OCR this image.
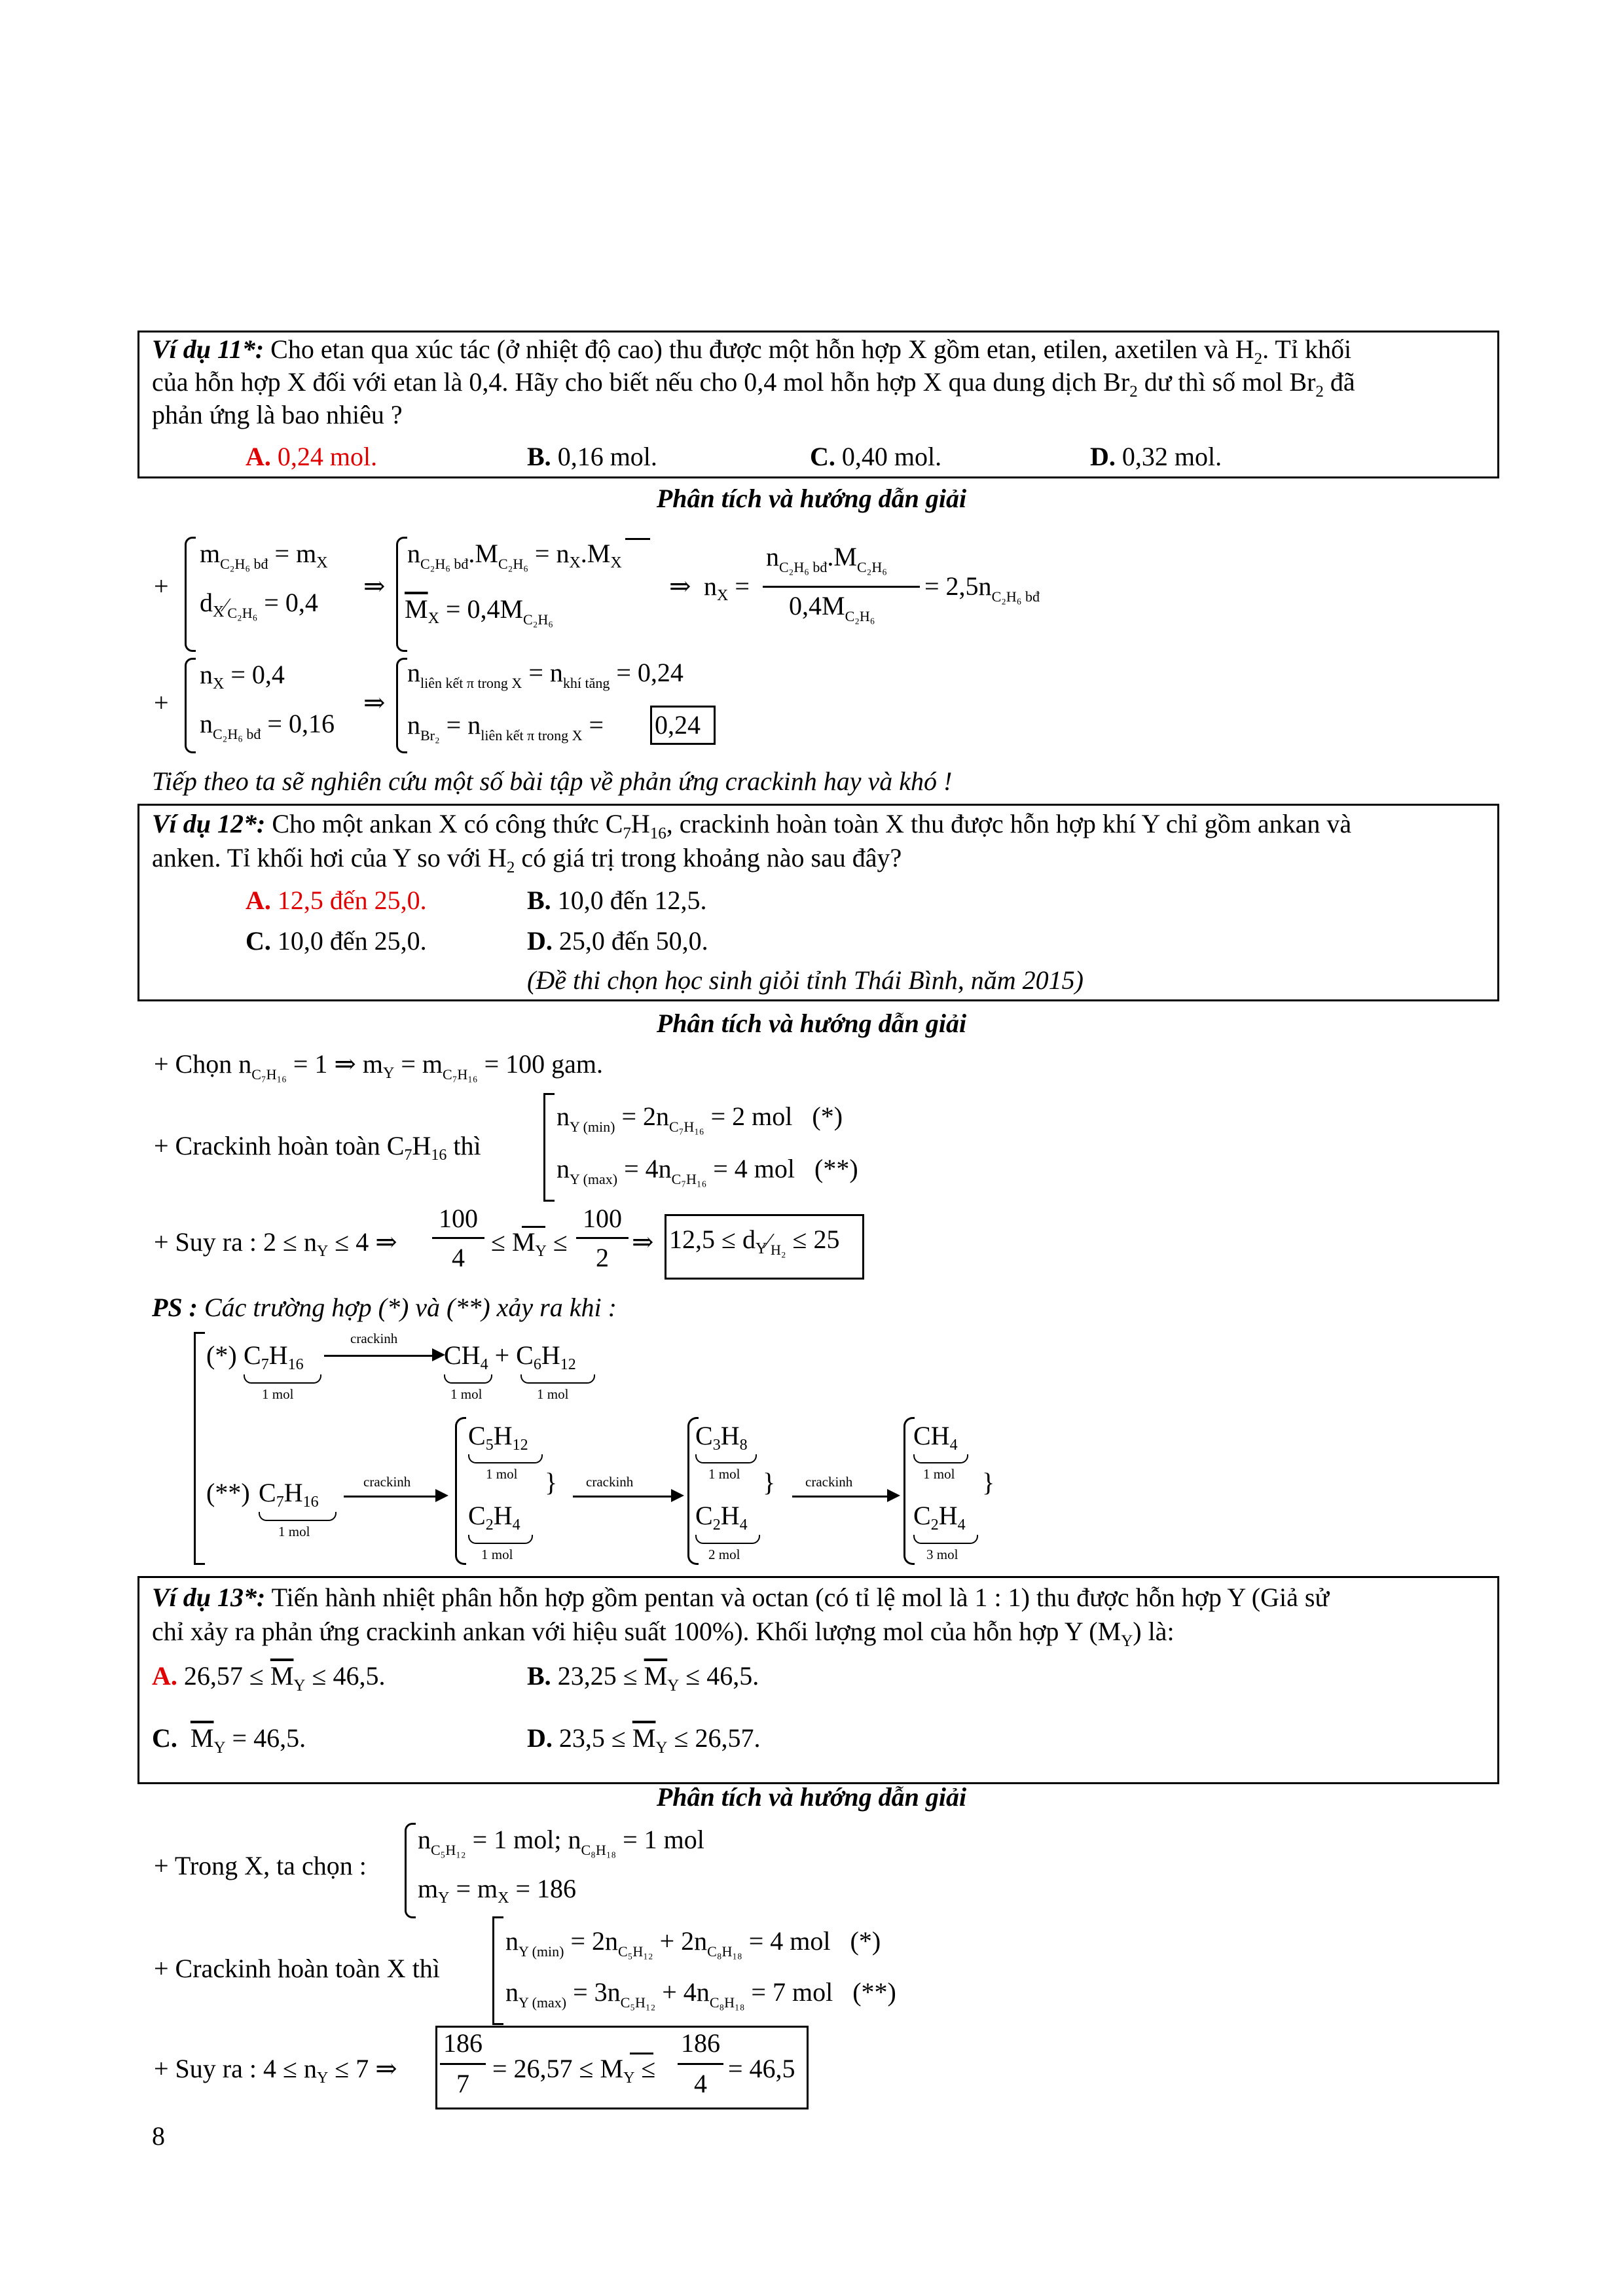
Ví dụ 11*: Cho etan qua xúc tác (ở nhiệt độ cao) thu được một hỗn hợp X gồm etan, etilen, axetilen và $H_2$. Tỉ khối
của hỗn hợp X đối với etan là 0,4. Hãy cho biết nếu cho 0,4 mol hỗn hợp X qua dung dịch $Br_2$ dư thì số mol $Br_2$ đã
phản ứng là bao nhiêu ?
A. 0,24 mol.	B. 0,16 mol.	C. 0,40 mol.	D. 0,32 mol.
Phân tích và hướng dẫn giải
+
$m_{C_2H_6 bđ} = m_X$
$d_X⁄_{C_2H_6} = 0,4$
⇒
$n_{C_2H_6 bđ}.M_{C_2H_6} = n_X.M_X$
$\overline{M}_X = 0,4M_{C_2H_6}$
⇒ $n_X$ =
$n_{C_2H_6 bđ}.M_{C_2H_6}$
$0,4M_{C_2H_6}$
= $2,5n_{C_2H_6 bđ}$
+
$n_X = 0,4$
$n_{C_2H_6 bđ} = 0,16$
⇒
$n_{liên kết \pi trong X} = n_{khí tăng} = 0,24$
$n_{Br_2} = n_{liên kết \pi trong X} = 0,24$
Tiếp theo ta sẽ nghiên cứu một số bài tập về phản ứng crackinh hay và khó !
Ví dụ 12*: Cho một ankan X có công thức $C_7H_{16}$, crackinh hoàn toàn X thu được hỗn hợp khí Y chỉ gồm ankan và
anken. Tỉ khối hơi của Y so với $H_2$ có giá trị trong khoảng nào sau đây?
A. 12,5 đến 25,0.	B. 10,0 đến 12,5.
C. 10,0 đến 25,0.	D. 25,0 đến 50,0.
(Đề thi chọn học sinh giỏi tỉnh Thái Bình, năm 2015)
Phân tích và hướng dẫn giải
+ Chọn $n_{C_7H_{16}} = 1$ ⇒ $m_Y = m_{C_7H_{16}} = 100$ gam.
+ Crackinh hoàn toàn $C_7H_{16}$ thì
$n_{Y (min)} = 2n_{C_7H_{16}} = 2$ mol (*)
$n_{Y (max)} = 4n_{C_7H_{16}} = 4$ mol (**)
+ Suy ra : $2 \le n_Y \le 4$ ⇒
100
4
≤ $M_Y$ ≤
100
2
⇒ $12,5 \le d_Y⁄_{H_2} \le 25$
PS : Các trường hợp (*) và (**) xảy ra khi :
(*) $C_7H_{16}$
1 mol
crackinh
$CH_4 + C_6H_{12}$
1 mol	1 mol
(**) $C_7H_{16}$
1 mol
crackinh
$C_5H_{12}$
1 mol
$C_2H_4$
1 mol
} crackinh
$C_3H_8$
1 mol
$C_2H_4$
2 mol
} crackinh
$CH_4$
1 mol
$C_2H_4$
3 mol
}
Ví dụ 13*: Tiến hành nhiệt phân hỗn hợp gồm pentan và octan (có tỉ lệ mol là 1 : 1) thu được hỗn hợp Y (Giả sử
chỉ xảy ra phản ứng crackinh ankan với hiệu suất 100%). Khối lượng mol của hỗn hợp Y $(M_Y)$ là:
A. $26,57 \le \overline{M}_Y \le 46,5$.	B. $23,25 \le \overline{M}_Y \le 46,5$.
C. $\overline{M}_Y = 46,5$.	D. $23,5 \le \overline{M}_Y \le 26,57$.
Phân tích và hướng dẫn giải
+ Trong X, ta chọn :
$n_{C_5H_{12}} = 1$ mol; $n_{C_8H_{18}} = 1$ mol
$m_Y = m_X = 186$
+ Crackinh hoàn toàn X thì
$n_{Y (min)} = 2n_{C_5H_{12}} + 2n_{C_8H_{18}} = 4$ mol (*)
$n_{Y (max)} = 3n_{C_5H_{12}} + 4n_{C_8H_{18}} = 7$ mol (**)
+ Suy ra : $4 \le n_Y \le 7$ ⇒
186
7
= $26,57 \le M_Y$ ≤
186
4
= 46,5
8
